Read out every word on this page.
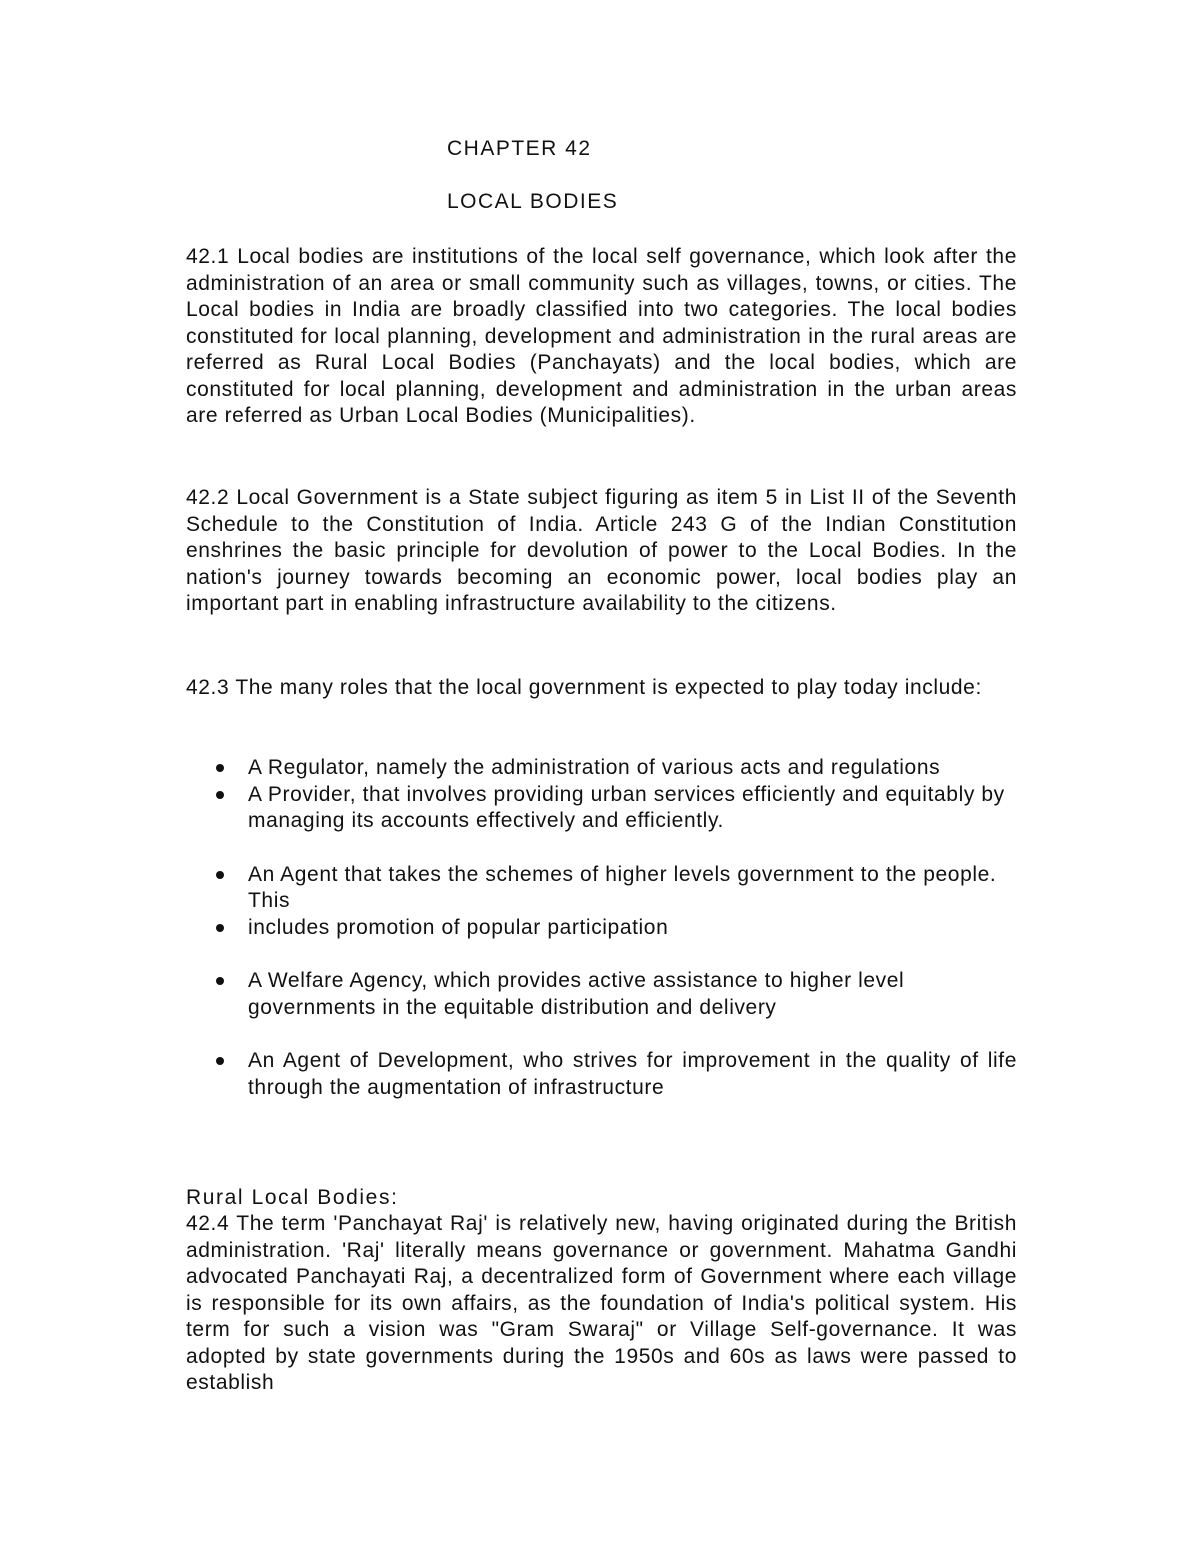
CHAPTER 42
LOCAL BODIES

42.1 Local bodies are institutions of the local self governance, which look after the administration of an area or small community such as villages, towns, or cities. The Local bodies in India are broadly classified into two categories. The local bodies constituted for local planning, development and administration in the rural areas are referred as Rural Local Bodies (Panchayats) and the local bodies, which are constituted for local planning, development and administration in the urban areas are referred as Urban Local Bodies (Municipalities).

42.2 Local Government is a State subject figuring as item 5 in List II of the Seventh Schedule to the Constitution of India. Article 243 G of the Indian Constitution enshrines the basic principle for devolution of power to the Local Bodies. In the nation's journey towards becoming an economic power, local bodies play an important part in enabling infrastructure availability to the citizens.

42.3 The many roles that the local government is expected to play today include:

A Regulator, namely the administration of various acts and regulations
A Provider, that involves providing urban services efficiently and equitably by managing its accounts effectively and efficiently.
An Agent that takes the schemes of higher levels government to the people. This
includes promotion of popular participation
A Welfare Agency, which provides active assistance to higher level governments in the equitable distribution and delivery
An Agent of Development, who strives for improvement in the quality of life through the augmentation of infrastructure
Rural Local Bodies:

42.4 The term 'Panchayat Raj' is relatively new, having originated during the British administration. 'Raj' literally means governance or government. Mahatma Gandhi advocated Panchayati Raj, a decentralized form of Government where each village is responsible for its own affairs, as the foundation of India's political system. His term for such a vision was "Gram Swaraj" or Village Self-governance. It was adopted by state governments during the 1950s and 60s as laws were passed to establish
